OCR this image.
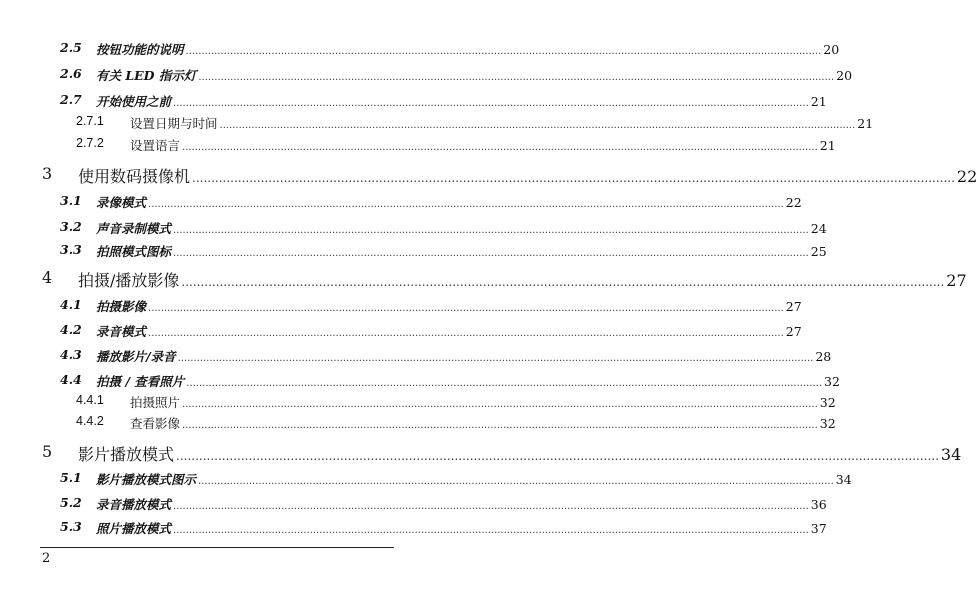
2.5 按钮功能的说明 ........................................................................................................................................................................................................ 20
2.6 有关 LED 指示灯 ........................................................................................................................................................................................................ 20
2.7 开始使用之前 ........................................................................................................................................................................................................ 21
2.7.1 设置日期与时间 ........................................................................................................................................................................................................ 21
2.7.2 设置语言 ........................................................................................................................................................................................................ 21
3 使用数码摄像机 ........................................................................................................................................................................................................ 22
3.1 录像模式 ........................................................................................................................................................................................................ 22
3.2 声音录制模式 ........................................................................................................................................................................................................ 24
3.3 拍照模式图标 ........................................................................................................................................................................................................ 25
4 拍摄/播放影像 ........................................................................................................................................................................................................ 27
4.1 拍摄影像 ........................................................................................................................................................................................................ 27
4.2 录音模式 ........................................................................................................................................................................................................ 27
4.3 播放影片/录音 ........................................................................................................................................................................................................ 28
4.4 拍摄 / 查看照片 ........................................................................................................................................................................................................ 32
4.4.1 拍摄照片 ........................................................................................................................................................................................................ 32
4.4.2 查看影像 ........................................................................................................................................................................................................ 32
5 影片播放模式 ........................................................................................................................................................................................................ 34
5.1 影片播放模式图示 ........................................................................................................................................................................................................ 34
5.2 录音播放模式 ........................................................................................................................................................................................................ 36
5.3 照片播放模式 ........................................................................................................................................................................................................ 37
2
